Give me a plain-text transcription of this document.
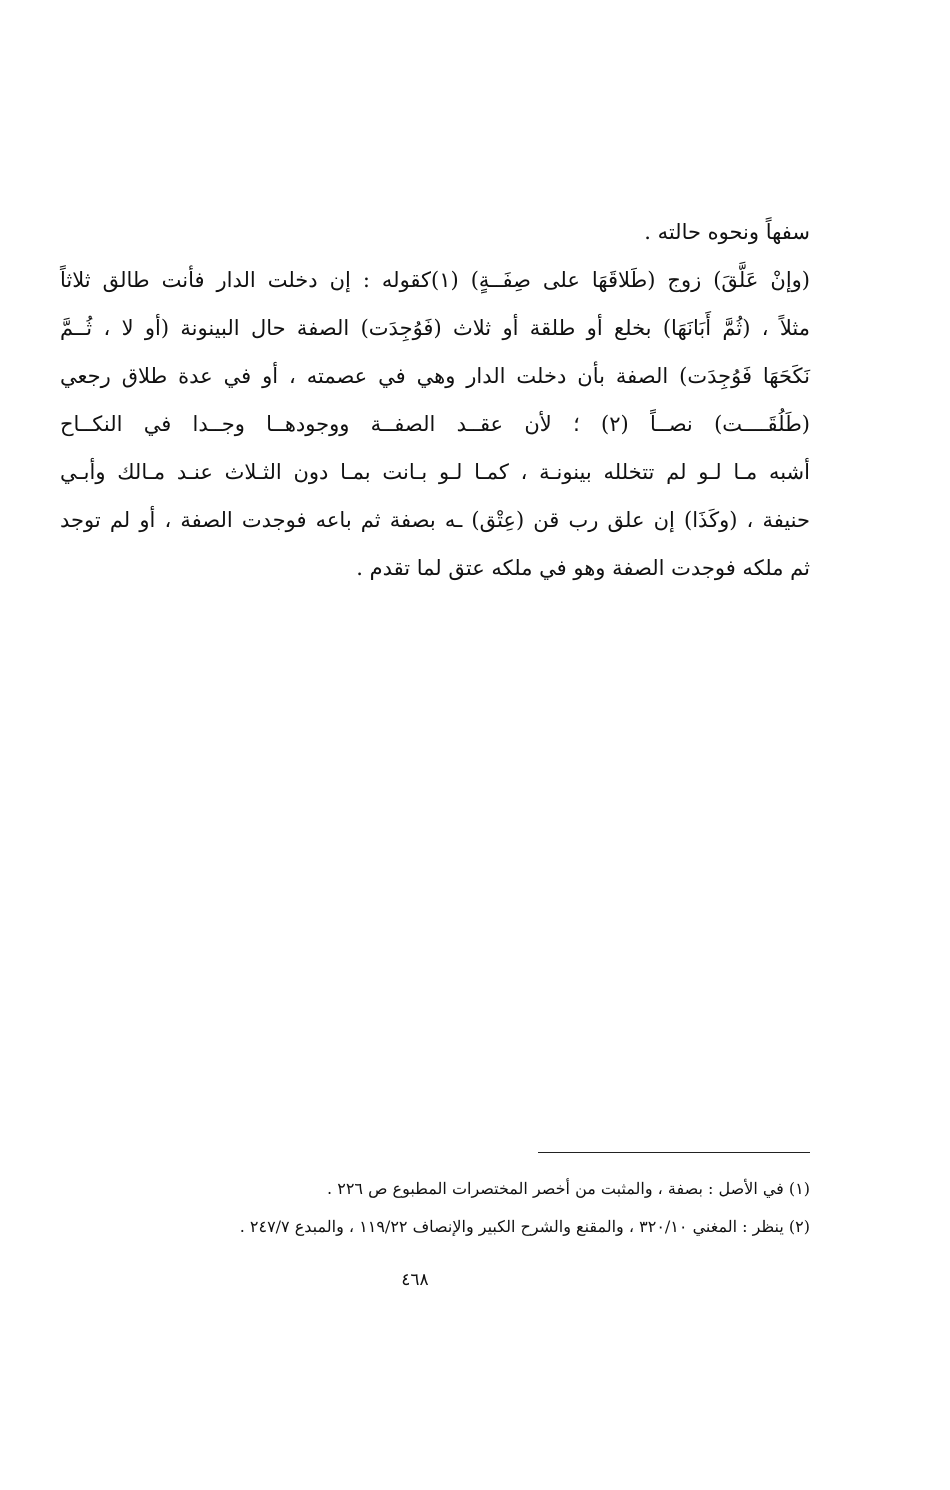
سفهاً ونحوه حالته .
(وإنْ عَلَّقَ) زوج (طَلاقَهَا على صِفَــةٍ) (١)كقوله : إن دخلت الدار فأنت طالق ثلاثاً
مثلاً ، (ثُمَّ أَبَانَهَا) بخلع أو طلقة أو ثلاث (فَوُجِدَت) الصفة حال البينونة (أو لا ، ثُــمَّ
نَكَحَهَا فَوُجِدَت) الصفة بأن دخلت الدار وهي في عصمته ، أو في عدة طلاق رجعي
(طَلُقَــــت) نصــاً (٢) ؛ لأن عقــد الصفــة ووجودهــا وجــدا في النكــاح
أشبه مـا لـو لم تتخلله بينونـة ، كمـا لـو بـانت بمـا دون الثـلاث عنـد مـالك وأبـي
حنيفة ، (وكَذَا) إن علق رب قن (عِتْق) ـه بصفة ثم باعه فوجدت الصفة ، أو لم توجد
ثم ملكه فوجدت الصفة وهو في ملكه عتق لما تقدم .
(١) في الأصل : بصفة ، والمثبت من أخصر المختصرات المطبوع ص ٢٢٦ .
(٢) ينظر : المغني ٣٢٠/١٠ ، والمقنع والشرح الكبير والإنصاف ١١٩/٢٢ ، والمبدع ٢٤٧/٧ .
٤٦٨
